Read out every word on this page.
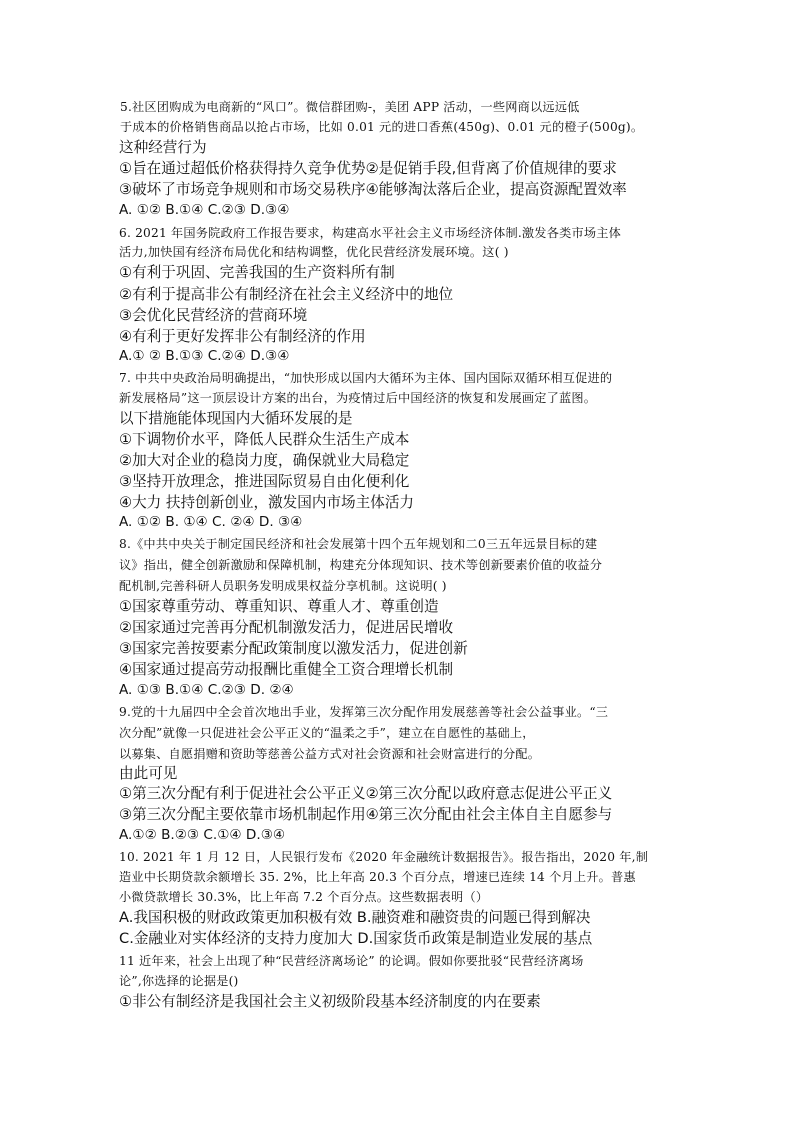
5.社区团购成为电商新的“风口”。微信群团购-，美团 APP 活动，一些网商以远远低
于成本的价格销售商品以抢占市场，比如 0.01 元的进口香蕉(450g)、0.01 元的橙子(500g)。
这种经营行为
①旨在通过超低价格获得持久竞争优势②是促销手段,但背离了价值规律的要求
③破坏了市场竞争规则和市场交易秩序④能够淘汰落后企业，提高资源配置效率
A. ①② B.①④ C.②③ D.③④
6. 2021 年国务院政府工作报告要求，构建高水平社会主义市场经济体制.激发各类市场主体
活力,加快国有经济布局优化和结构调整，优化民营经济发展环境。这( )
①有利于巩固、完善我国的生产资料所有制
②有利于提高非公有制经济在社会主义经济中的地位
③会优化民营经济的营商环境
④有利于更好发挥非公有制经济的作用
A.① ② B.①③ C.②④ D.③④
7. 中共中央政治局明确提出，“加快形成以国内大循环为主体、国内国际双循环相互促进的
新发展格局”这一顶层设计方案的出台，为疫情过后中国经济的恢复和发展画定了蓝图。
以下措施能体现国内大循环发展的是
①下调物价水平，降低人民群众生活生产成本
②加大对企业的稳岗力度，确保就业大局稳定
③坚持开放理念，推进国际贸易自由化便利化
④大力 扶持创新创业，激发国内市场主体活力
A. ①② B. ①④ C. ②④ D. ③④
8.《中共中央关于制定国民经济和社会发展第十四个五年规划和二0三五年远景目标的建
议》指出，健全创新激励和保障机制，构建充分体现知识、技术等创新要素价值的收益分
配机制,完善科研人员职务发明成果权益分享机制。这说明( )
①国家尊重劳动、尊重知识、尊重人才、尊重创造
②国家通过完善再分配机制激发活力，促进居民增收
③国家完善按要素分配政策制度以激发活力，促进创新
④国家通过提高劳动报酬比重健全工资合理增长机制
A. ①③ B.①④ C.②③ D. ②④
9.党的十九届四中全会首次地出手业，发挥第三次分配作用发展慈善等社会公益事业。“三
次分配”就像一只促进社会公平正义的“温柔之手”，建立在自愿性的基础上，
以募集、自愿捐赠和资助等慈善公益方式对社会资源和社会财富进行的分配。
由此可见
①第三次分配有利于促进社会公平正义②第三次分配以政府意志促进公平正义
③第三次分配主要依靠市场机制起作用④第三次分配由社会主体自主自愿参与
A.①② B.②③ C.①④ D.③④
10. 2021 年 1 月 12 日，人民银行发布《2020 年金融统计数据报告》。报告指出，2020 年,制
造业中长期贷款余额增长 35. 2%，比上年高 20.3 个百分点，增速已连续 14 个月上升。普惠
小微贷款增长 30.3%，比上年高 7.2 个百分点。这些数据表明（）
A.我国积极的财政政策更加积极有效 B.融资难和融资贵的问题已得到解决
C.金融业对实体经济的支持力度加大 D.国家货币政策是制造业发展的基点
11 近年来，社会上出现了种“民营经济离场论” 的论调。假如你要批驳“民营经济离场
论”,你选择的论据是()
①非公有制经济是我国社会主义初级阶段基本经济制度的内在要素
